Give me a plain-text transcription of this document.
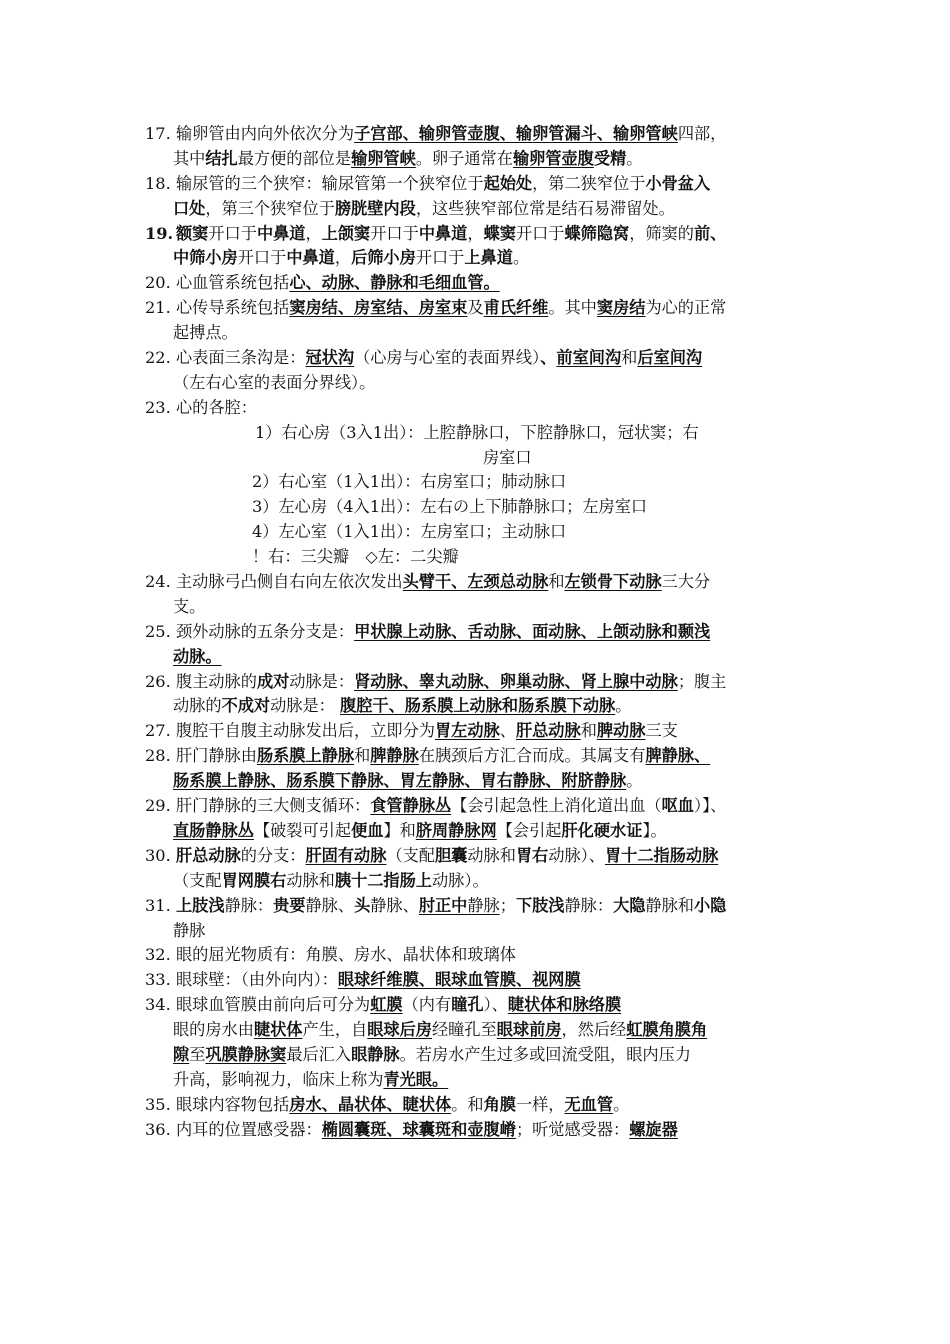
17. 输卵管由内向外依次分为子宫部、输卵管壶腹、输卵管漏斗、输卵管峡四部，
其中结扎最方便的部位是输卵管峡。卵子通常在输卵管壶腹受精。
18. 输尿管的三个狭窄：输尿管第一个狭窄位于起始处，第二狭窄位于小骨盆入
口处，第三个狭窄位于膀胱壁内段，这些狭窄部位常是结石易滞留处。
19. 额窦开口于中鼻道，上颌窦开口于中鼻道，蝶窦开口于蝶筛隐窝，筛窦的前、
中筛小房开口于中鼻道，后筛小房开口于上鼻道。
20. 心血管系统包括心、动脉、静脉和毛细血管。
21. 心传导系统包括窦房结、房室结、房室束及甫氏纤维。其中窦房结为心的正常
起搏点。
22. 心表面三条沟是：冠状沟（心房与心室的表面界线）、前室间沟和后室间沟
（左右心室的表面分界线）。
23. 心的各腔：
1）右心房（3入1出）：上腔静脉口，下腔静脉口，冠状窦；右
房室口
2）右心室（1入1出）：右房室口；肺动脉口
3）左心房（4入1出）：左右の上下肺静脉口；左房室口
4）左心室（1入1出）：左房室口；主动脉口
！右：三尖瓣　◇左：二尖瓣
24. 主动脉弓凸侧自右向左依次发出头臂干、左颈总动脉和左锁骨下动脉三大分
支。
25. 颈外动脉的五条分支是：甲状腺上动脉、舌动脉、面动脉、上颌动脉和颞浅
动脉。
26. 腹主动脉的成对动脉是：肾动脉、睾丸动脉、卵巢动脉、肾上腺中动脉；腹主
动脉的不成对动脉是： 腹腔干、肠系膜上动脉和肠系膜下动脉。
27. 腹腔干自腹主动脉发出后，立即分为胃左动脉、肝总动脉和脾动脉三支
28. 肝门静脉由肠系膜上静脉和脾静脉在胰颈后方汇合而成。其属支有脾静脉、
肠系膜上静脉、肠系膜下静脉、胃左静脉、胃右静脉、附脐静脉。
29. 肝门静脉的三大侧支循环：食管静脉丛【会引起急性上消化道出血（呕血）】、
直肠静脉丛【破裂可引起便血】和脐周静脉网【会引起肝化硬水证】。
30. 肝总动脉的分支：肝固有动脉（支配胆囊动脉和胃右动脉）、胃十二指肠动脉
（支配胃网膜右动脉和胰十二指肠上动脉）。
31. 上肢浅静脉：贵要静脉、头静脉、肘正中静脉；下肢浅静脉：大隐静脉和小隐
静脉
32. 眼的屈光物质有：角膜、房水、晶状体和玻璃体
33. 眼球壁：（由外向内）：眼球纤维膜、眼球血管膜、视网膜
34. 眼球血管膜由前向后可分为虹膜（内有瞳孔）、睫状体和脉络膜
眼的房水由睫状体产生，自眼球后房经瞳孔至眼球前房，然后经虹膜角膜角
隙至巩膜静脉窦最后汇入眼静脉。若房水产生过多或回流受阻，眼内压力
升高，影响视力，临床上称为青光眼。
35. 眼球内容物包括房水、晶状体、睫状体。和角膜一样，无血管。
36. 内耳的位置感受器：椭圆囊斑、球囊斑和壶腹嵴；听觉感受器：螺旋器
